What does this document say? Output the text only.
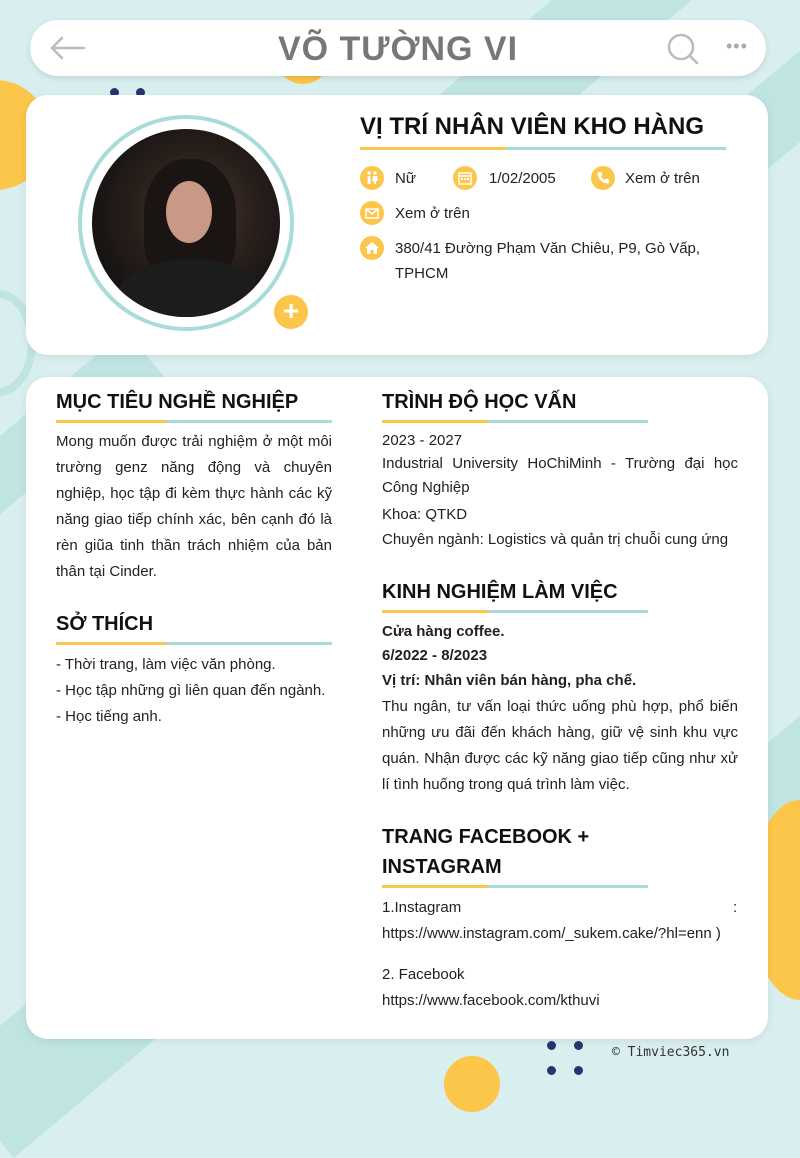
VÕ TƯỜNG VI	•••
+
VỊ TRÍ NHÂN VIÊN KHO HÀNG
Nữ	1/02/2005	Xem ở trên
Xem ở trên
380/41 Đường Phạm Văn Chiêu, P9, Gò Vấp,
TPHCM
MỤC TIÊU NGHỀ NGHIỆP
Mong muốn được trải nghiệm ở một môi trường genz năng động và chuyên nghiệp, học tập đi kèm thực hành các kỹ năng giao tiếp chính xác, bên cạnh đó là rèn giũa tinh thần trách nhiệm của bản thân tại Cinder.
SỞ THÍCH
- Thời trang, làm việc văn phòng.
- Học tập những gì liên quan đến ngành.
- Học tiếng anh.
TRÌNH ĐỘ HỌC VẤN
2023 - 2027
Industrial University HoChiMinh - Trường đại học Công Nghiệp
Khoa: QTKD
Chuyên ngành: Logistics và quản trị chuỗi cung ứng
KINH NGHIỆM LÀM VIỆC
Cửa hàng coffee.
6/2022 - 8/2023
Vị trí: Nhân viên bán hàng, pha chế.
Thu ngân, tư vấn loại thức uống phù hợp, phổ biến những ưu đãi đến khách hàng, giữ vệ sinh khu vực quán. Nhận được các kỹ năng giao tiếp cũng như xử lí tình huống trong quá trình làm việc.
TRANG FACEBOOK +
INSTAGRAM
1.Instagram	:
https://www.instagram.com/_sukem.cake/?hl=enn )
2. Facebook
https://www.facebook.com/kthuvi
© Timviec365.vn
